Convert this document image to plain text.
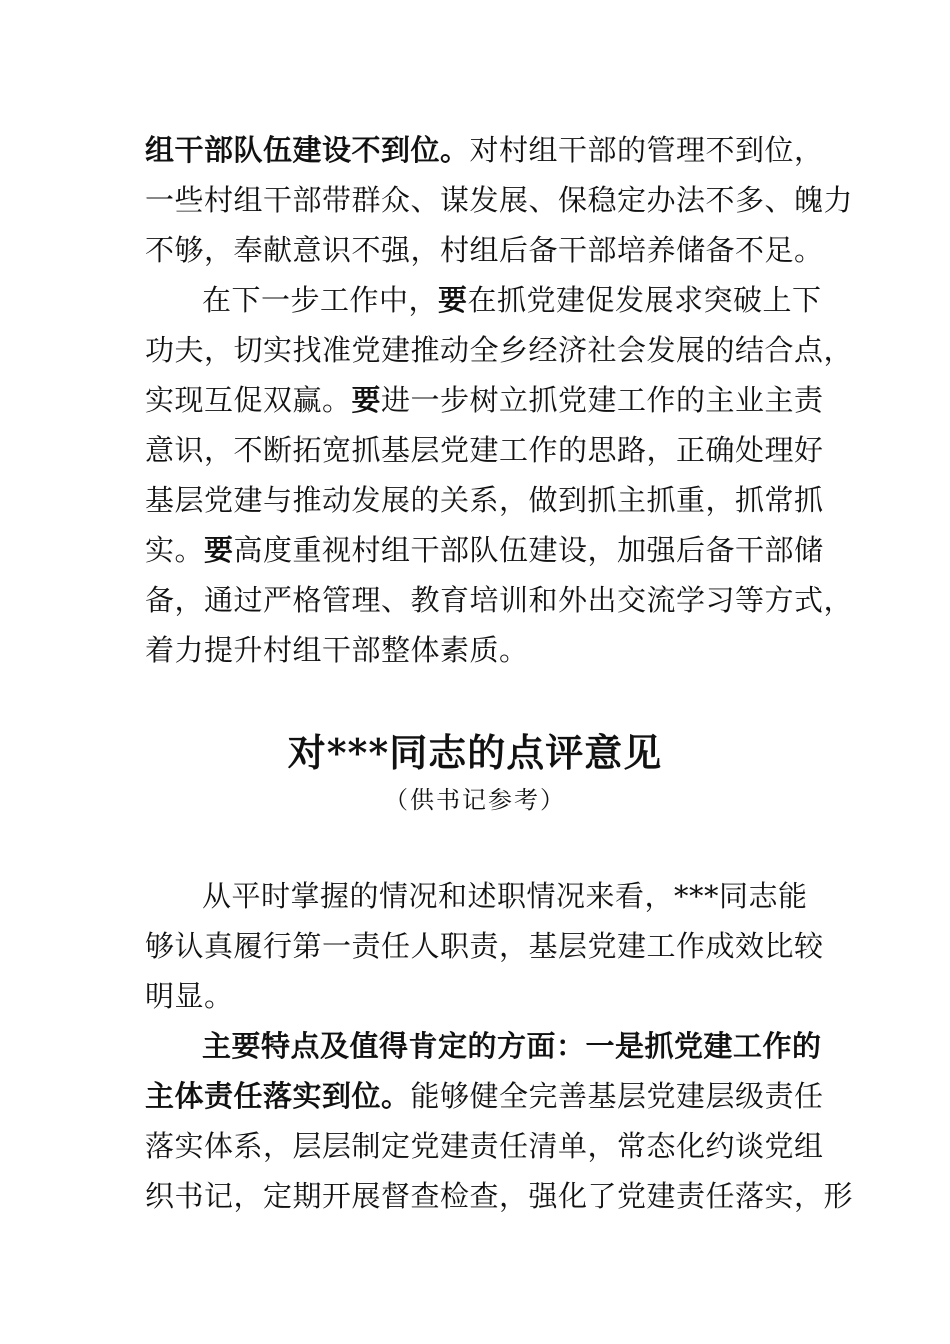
组干部队伍建设不到位。对村组干部的管理不到位，
一些村组干部带群众、谋发展、保稳定办法不多、魄力
不够，奉献意识不强，村组后备干部培养储备不足。
在下一步工作中，要在抓党建促发展求突破上下
功夫，切实找准党建推动全乡经济社会发展的结合点，
实现互促双赢。要进一步树立抓党建工作的主业主责
意识，不断拓宽抓基层党建工作的思路，正确处理好
基层党建与推动发展的关系，做到抓主抓重，抓常抓
实。要高度重视村组干部队伍建设，加强后备干部储
备，通过严格管理、教育培训和外出交流学习等方式，
着力提升村组干部整体素质。
对***同志的点评意见
（供书记参考）
从平时掌握的情况和述职情况来看，***同志能
够认真履行第一责任人职责，基层党建工作成效比较
明显。
主要特点及值得肯定的方面：一是抓党建工作的
主体责任落实到位。能够健全完善基层党建层级责任
落实体系，层层制定党建责任清单，常态化约谈党组
织书记，定期开展督查检查，强化了党建责任落实，形
